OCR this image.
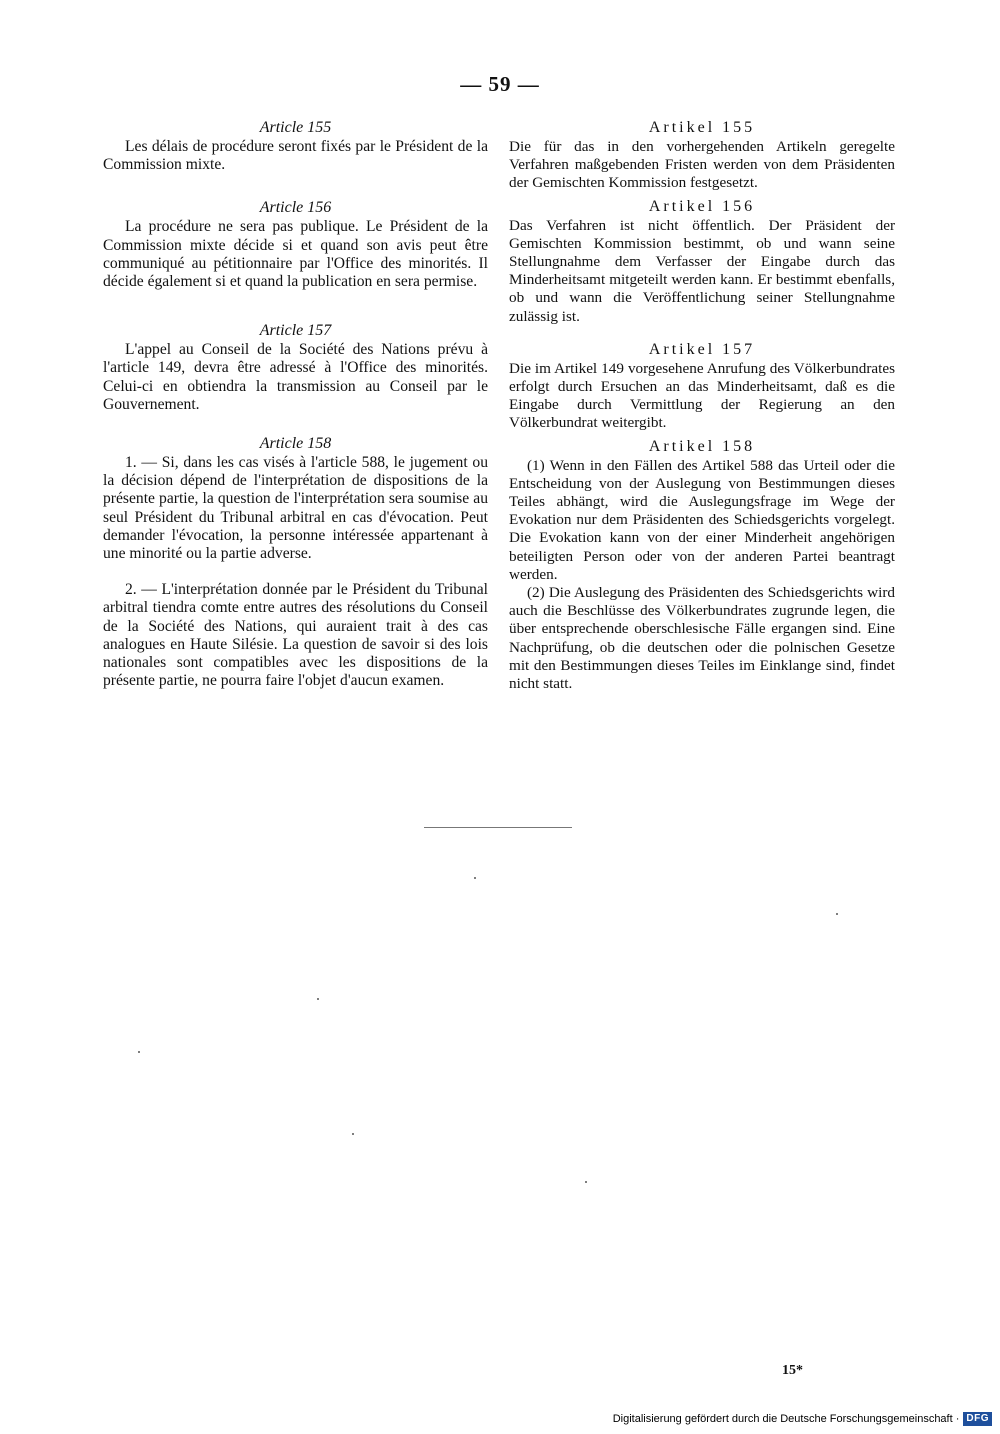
— 59 —

Article 155

Les délais de procédure seront fixés par le Président de la Commission mixte.

Article 156

La procédure ne sera pas publique. Le Président de la Commission mixte décide si et quand son avis peut être communiqué au pétitionnaire par l'Office des minorités. Il décide également si et quand la publication en sera permise.

Article 157

L'appel au Conseil de la Société des Nations prévu à l'article 149, devra être adressé à l'Office des minorités. Celui-ci en obtiendra la transmission au Conseil par le Gouvernement.

Article 158

1. — Si, dans les cas visés à l'article 588, le jugement ou la décision dépend de l'interprétation de dispositions de la présente partie, la question de l'interprétation sera soumise au seul Président du Tribunal arbitral en cas d'évocation. Peut demander l'évocation, la personne intéressée appartenant à une minorité ou la partie adverse.

2. — L'interprétation donnée par le Président du Tribunal arbitral tiendra comte entre autres des résolutions du Conseil de la Société des Nations, qui auraient trait à des cas analogues en Haute Silésie. La question de savoir si des lois nationales sont compatibles avec les dispositions de la présente partie, ne pourra faire l'objet d'aucun examen.

Artikel 155

Die für das in den vorhergehenden Artikeln geregelte Verfahren maßgebenden Fristen werden von dem Präsidenten der Gemischten Kommission festgesetzt.

Artikel 156

Das Verfahren ist nicht öffentlich. Der Präsident der Gemischten Kommission bestimmt, ob und wann seine Stellungnahme dem Verfasser der Eingabe durch das Minderheitsamt mitgeteilt werden kann. Er bestimmt ebenfalls, ob und wann die Veröffentlichung seiner Stellungnahme zulässig ist.

Artikel 157

Die im Artikel 149 vorgesehene Anrufung des Völkerbundrates erfolgt durch Ersuchen an das Minderheitsamt, daß es die Eingabe durch Vermittlung der Regierung an den Völkerbundrat weitergibt.

Artikel 158

(1) Wenn in den Fällen des Artikel 588 das Urteil oder die Entscheidung von der Auslegung von Bestimmungen dieses Teiles abhängt, wird die Auslegungsfrage im Wege der Evokation nur dem Präsidenten des Schiedsgerichts vorgelegt. Die Evokation kann von der einer Minderheit angehörigen beteiligten Person oder von der anderen Partei beantragt werden.

(2) Die Auslegung des Präsidenten des Schiedsgerichts wird auch die Beschlüsse des Völkerbundrates zugrunde legen, die über entsprechende oberschlesische Fälle ergangen sind. Eine Nachprüfung, ob die deutschen oder die polnischen Gesetze mit den Bestimmungen dieses Teiles im Einklange sind, findet nicht statt.

15*
Digitalisierung gefördert durch die Deutsche Forschungsgemeinschaft · DFG
